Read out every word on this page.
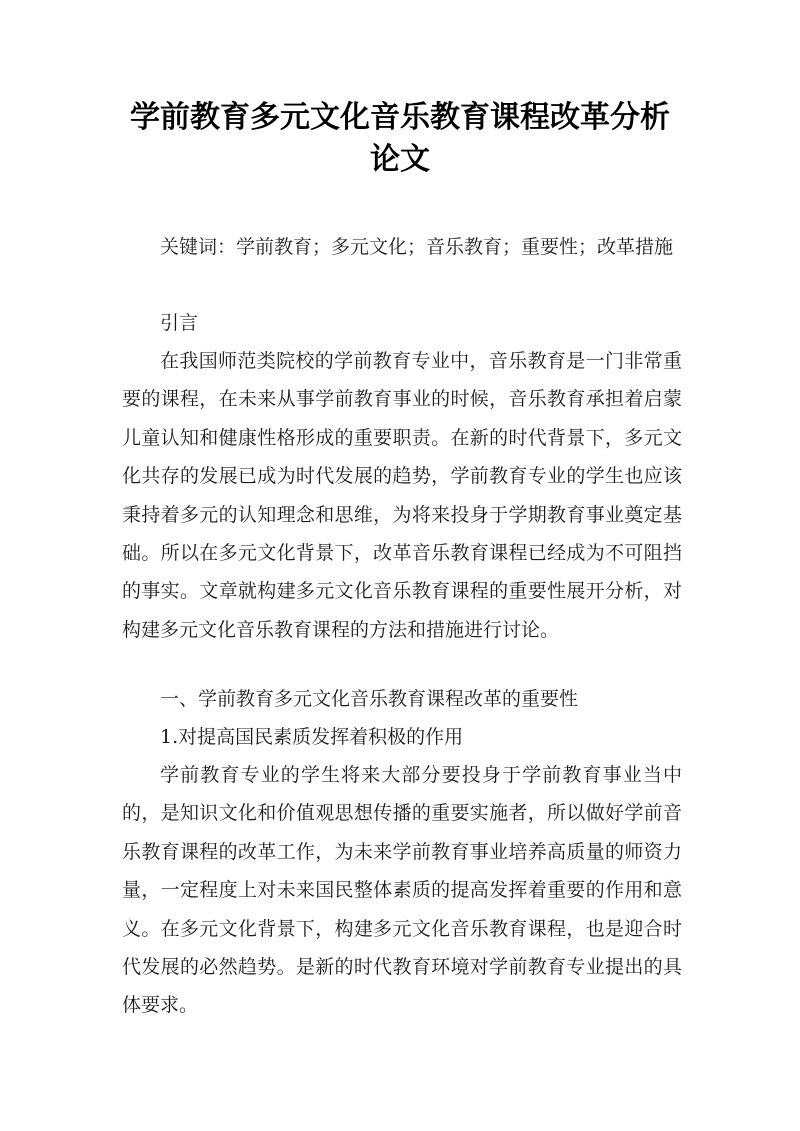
学前教育多元文化音乐教育课程改革分析
论文

关键词：学前教育；多元文化；音乐教育；重要性；改革措施

引言

在我国师范类院校的学前教育专业中，音乐教育是一门非常重要的课程，在未来从事学前教育事业的时候，音乐教育承担着启蒙儿童认知和健康性格形成的重要职责。在新的时代背景下，多元文化共存的发展已成为时代发展的趋势，学前教育专业的学生也应该秉持着多元的认知理念和思维，为将来投身于学期教育事业奠定基础。所以在多元文化背景下，改革音乐教育课程已经成为不可阻挡的事实。文章就构建多元文化音乐教育课程的重要性展开分析，对构建多元文化音乐教育课程的方法和措施进行讨论。

一、学前教育多元文化音乐教育课程改革的重要性

1.对提高国民素质发挥着积极的作用

学前教育专业的学生将来大部分要投身于学前教育事业当中的，是知识文化和价值观思想传播的重要实施者，所以做好学前音乐教育课程的改革工作，为未来学前教育事业培养高质量的师资力量，一定程度上对未来国民整体素质的提高发挥着重要的作用和意义。在多元文化背景下，构建多元文化音乐教育课程，也是迎合时代发展的必然趋势。是新的时代教育环境对学前教育专业提出的具体要求。
